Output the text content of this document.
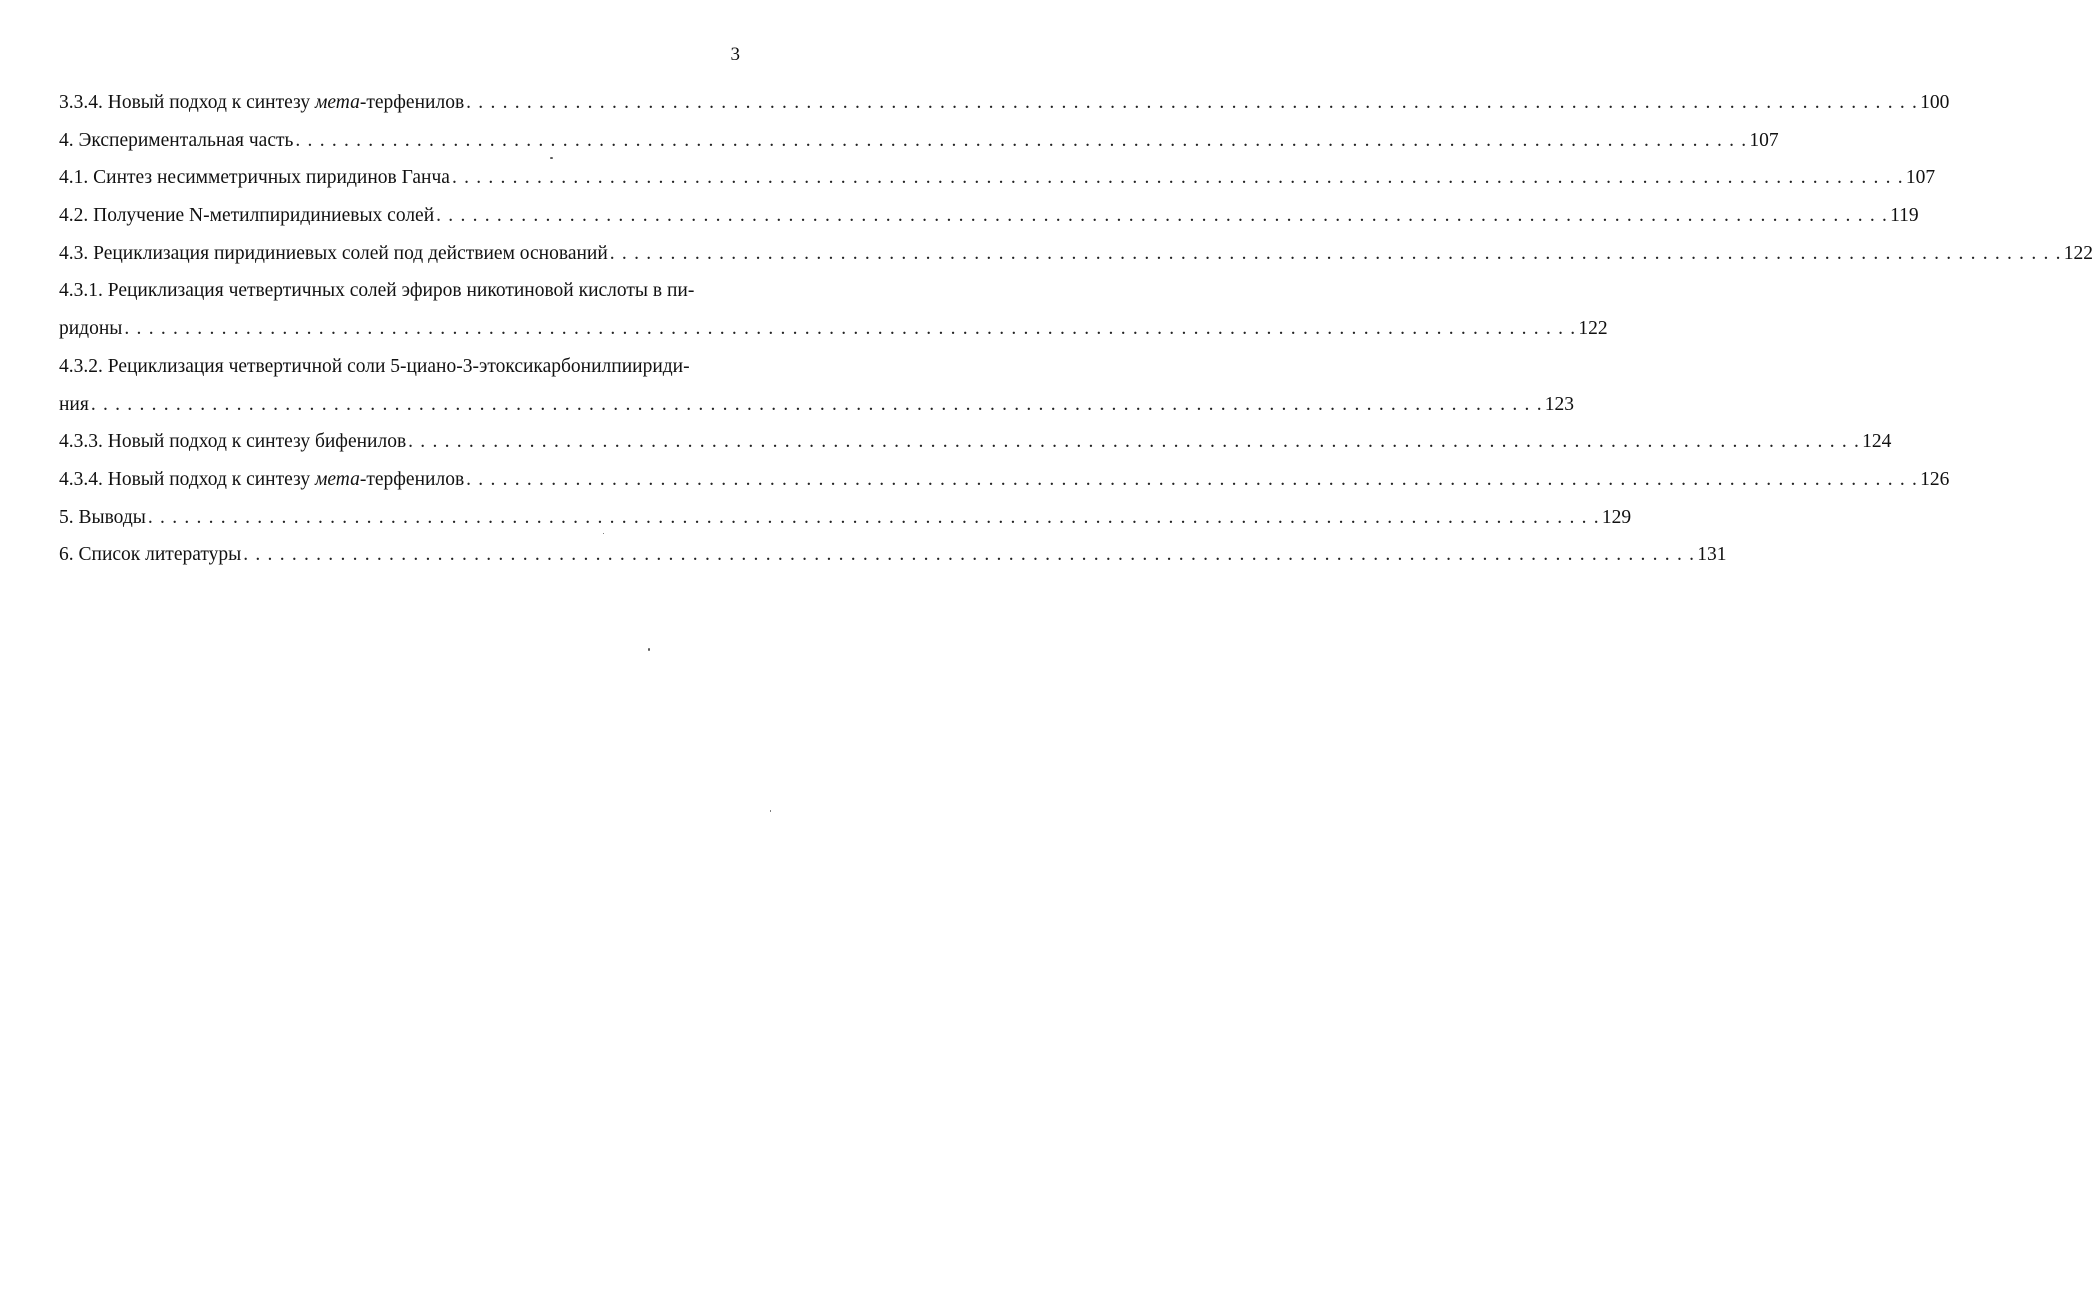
3
3.3.4. Новый подход к синтезу мета-терфенилов . . . . . . . . . . . . . . . . . . . . . . . . . . . . . . . . . . . . . . . . . . . . . . . . . . . . . . . . . . . . . . . . . . . . . . . . . . . . . . . . . . . . . . . . . . . . . . . . . . . . . . . . . . . . . . . . . . . . . . . . 100
4. Экспериментальная часть . . . . . . . . . . . . . . . . . . . . . . . . . . . . . . . . . . . . . . . . . . . . . . . . . . . . . . . . . . . . . . . . . . . . . . . . . . . . . . . . . . . . . . . . . . . . . . . . . . . . . . . . . . . . . . . . . . . . . . . . 107
4.1. Синтез несимметричных пиридинов Ганча . . . . . . . . . . . . . . . . . . . . . . . . . . . . . . . . . . . . . . . . . . . . . . . . . . . . . . . . . . . . . . . . . . . . . . . . . . . . . . . . . . . . . . . . . . . . . . . . . . . . . . . . . . . . . . . . . . . . . . . . 107
4.2. Получение N-метилпиридиниевых солей . . . . . . . . . . . . . . . . . . . . . . . . . . . . . . . . . . . . . . . . . . . . . . . . . . . . . . . . . . . . . . . . . . . . . . . . . . . . . . . . . . . . . . . . . . . . . . . . . . . . . . . . . . . . . . . . . . . . . . . . 119
4.3. Рециклизация пиридиниевых солей под действием оснований . . . . . . . . . . . . . . . . . . . . . . . . . . . . . . . . . . . . . . . . . . . . . . . . . . . . . . . . . . . . . . . . . . . . . . . . . . . . . . . . . . . . . . . . . . . . . . . . . . . . . . . . . . . . . . . . . . . . . . . . 122
4.3.1. Рециклизация четвертичных солей эфиров никотиновой кислоты в пи-
ридоны . . . . . . . . . . . . . . . . . . . . . . . . . . . . . . . . . . . . . . . . . . . . . . . . . . . . . . . . . . . . . . . . . . . . . . . . . . . . . . . . . . . . . . . . . . . . . . . . . . . . . . . . . . . . . . . . . . . . . . . . 122
4.3.2. Рециклизация четвертичной соли 5-циано-3-этоксикарбонилпиириди-
ния . . . . . . . . . . . . . . . . . . . . . . . . . . . . . . . . . . . . . . . . . . . . . . . . . . . . . . . . . . . . . . . . . . . . . . . . . . . . . . . . . . . . . . . . . . . . . . . . . . . . . . . . . . . . . . . . . . . . . . . . 123
4.3.3. Новый подход к синтезу бифенилов . . . . . . . . . . . . . . . . . . . . . . . . . . . . . . . . . . . . . . . . . . . . . . . . . . . . . . . . . . . . . . . . . . . . . . . . . . . . . . . . . . . . . . . . . . . . . . . . . . . . . . . . . . . . . . . . . . . . . . . . 124
4.3.4. Новый подход к синтезу мета-терфенилов . . . . . . . . . . . . . . . . . . . . . . . . . . . . . . . . . . . . . . . . . . . . . . . . . . . . . . . . . . . . . . . . . . . . . . . . . . . . . . . . . . . . . . . . . . . . . . . . . . . . . . . . . . . . . . . . . . . . . . . . 126
5. Выводы . . . . . . . . . . . . . . . . . . . . . . . . . . . . . . . . . . . . . . . . . . . . . . . . . . . . . . . . . . . . . . . . . . . . . . . . . . . . . . . . . . . . . . . . . . . . . . . . . . . . . . . . . . . . . . . . . . . . . . . . 129
6. Список литературы . . . . . . . . . . . . . . . . . . . . . . . . . . . . . . . . . . . . . . . . . . . . . . . . . . . . . . . . . . . . . . . . . . . . . . . . . . . . . . . . . . . . . . . . . . . . . . . . . . . . . . . . . . . . . . . . . . . . . . . . 131
